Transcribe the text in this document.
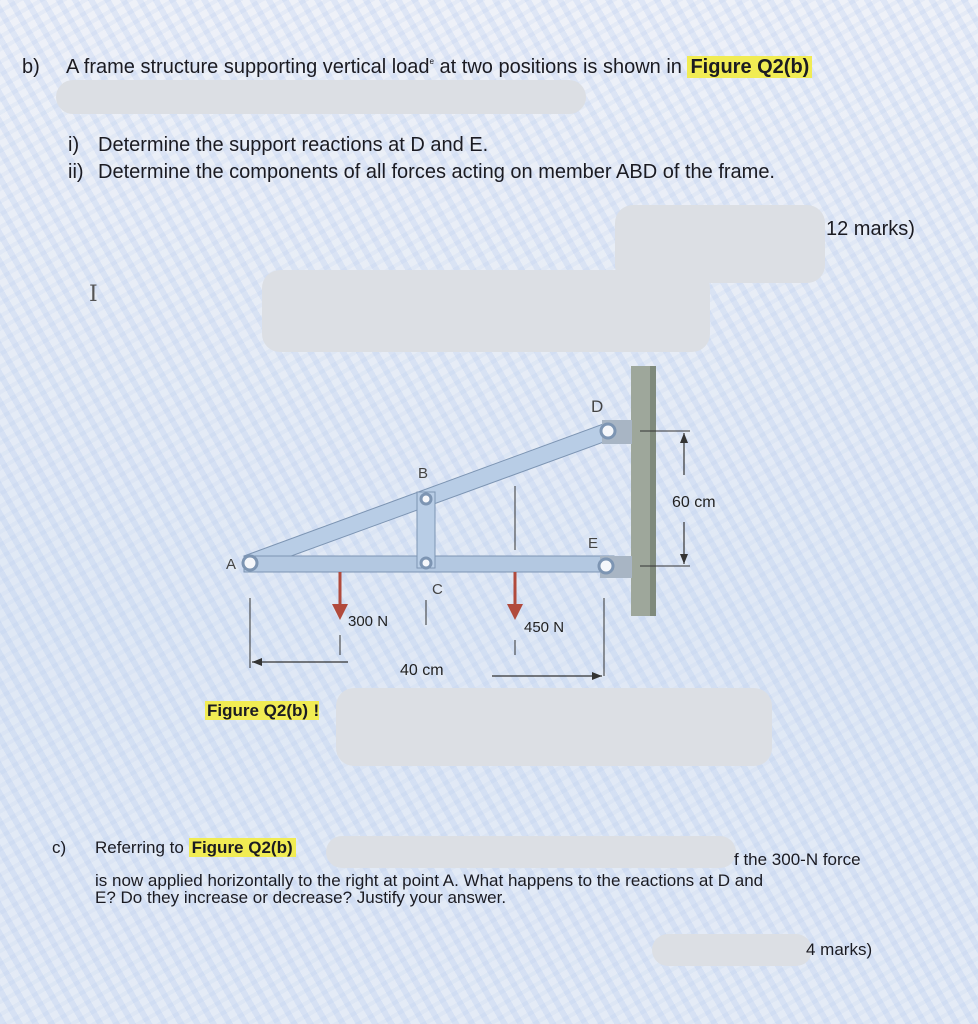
b) A frame structure supporting vertical load$^ᵉ$ at two positions is shown in Figure Q2(b)
i) Determine the support reactions at D and E.
ii) Determine the components of all forces acting on member ABD of the frame.
12 marks)
I
A
B
C
D
E
300 N	450 N
40 cm
60 cm
Figure Q2(b) !
c) Referring to Figure Q2(b)
f the 300-N force
is now applied horizontally to the right at point A. What happens to the reactions at D and
E? Do they increase or decrease? Justify your answer.
4 marks)
